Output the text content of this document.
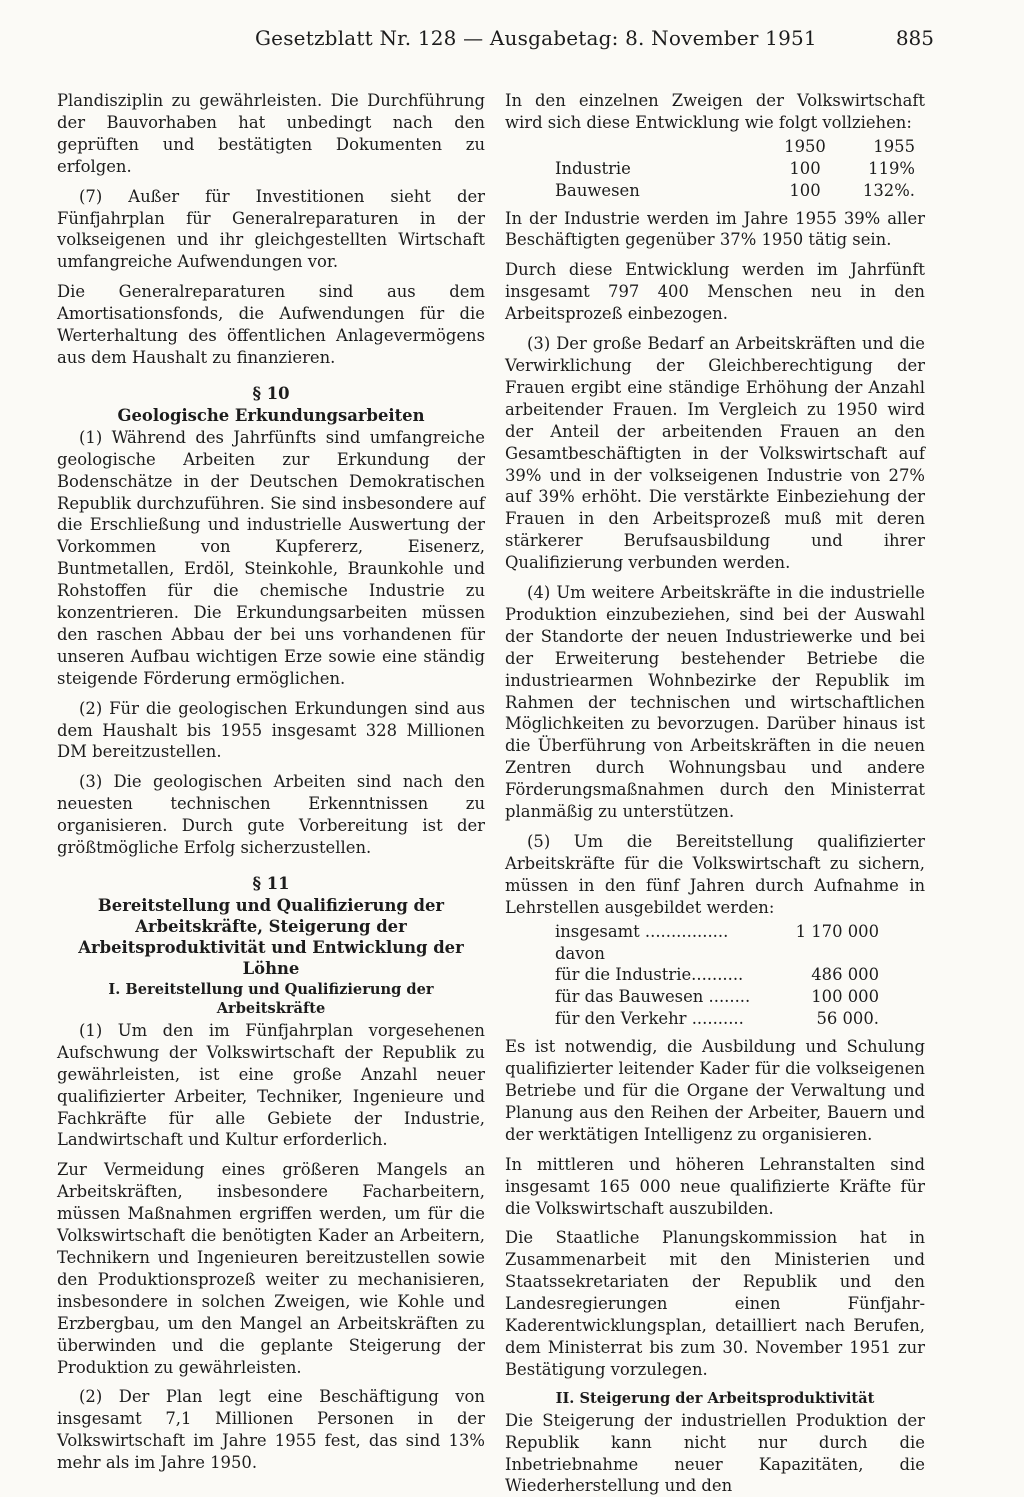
Gesetzblatt Nr. 128 — Ausgabetag: 8. November 1951	885

Plandisziplin zu gewährleisten. Die Durchführung der Bauvorhaben hat unbedingt nach den geprüften und bestätigten Dokumenten zu erfolgen.

(7) Außer für Investitionen sieht der Fünfjahrplan für Generalreparaturen in der volkseigenen und ihr gleichgestellten Wirtschaft umfangreiche Aufwendungen vor.

Die Generalreparaturen sind aus dem Amortisationsfonds, die Aufwendungen für die Werterhaltung des öffentlichen Anlagevermögens aus dem Haushalt zu finanzieren.

§ 10
Geologische Erkundungsarbeiten

(1) Während des Jahrfünfts sind umfangreiche geologische Arbeiten zur Erkundung der Bodenschätze in der Deutschen Demokratischen Republik durchzuführen. Sie sind insbesondere auf die Erschließung und industrielle Auswertung der Vorkommen von Kupfererz, Eisenerz, Buntmetallen, Erdöl, Steinkohle, Braunkohle und Rohstoffen für die chemische Industrie zu konzentrieren. Die Erkundungsarbeiten müssen den raschen Abbau der bei uns vorhandenen für unseren Aufbau wichtigen Erze sowie eine ständig steigende Förderung ermöglichen.

(2) Für die geologischen Erkundungen sind aus dem Haushalt bis 1955 insgesamt 328 Millionen DM bereitzustellen.

(3) Die geologischen Arbeiten sind nach den neuesten technischen Erkenntnissen zu organisieren. Durch gute Vorbereitung ist der größtmögliche Erfolg sicherzustellen.

§ 11
Bereitstellung und Qualifizierung der Arbeitskräfte, Steigerung der Arbeitsproduktivität und Entwicklung der Löhne
I. Bereitstellung und Qualifizierung der Arbeitskräfte

(1) Um den im Fünfjahrplan vorgesehenen Aufschwung der Volkswirtschaft der Republik zu gewährleisten, ist eine große Anzahl neuer qualifizierter Arbeiter, Techniker, Ingenieure und Fachkräfte für alle Gebiete der Industrie, Landwirtschaft und Kultur erforderlich.

Zur Vermeidung eines größeren Mangels an Arbeitskräften, insbesondere Facharbeitern, müssen Maßnahmen ergriffen werden, um für die Volkswirtschaft die benötigten Kader an Arbeitern, Technikern und Ingenieuren bereitzustellen sowie den Produktionsprozeß weiter zu mechanisieren, insbesondere in solchen Zweigen, wie Kohle und Erzbergbau, um den Mangel an Arbeitskräften zu überwinden und die geplante Steigerung der Produktion zu gewährleisten.

(2) Der Plan legt eine Beschäftigung von insgesamt 7,1 Millionen Personen in der Volkswirtschaft im Jahre 1955 fest, das sind 13% mehr als im Jahre 1950.

In den einzelnen Zweigen der Volkswirtschaft wird sich diese Entwicklung wie folgt vollziehen:

	1950	1955
Industrie	100	119%
Bauwesen	100	132%.

In der Industrie werden im Jahre 1955 39% aller Beschäftigten gegenüber 37% 1950 tätig sein.

Durch diese Entwicklung werden im Jahrfünft insgesamt 797 400 Menschen neu in den Arbeitsprozeß einbezogen.

(3) Der große Bedarf an Arbeitskräften und die Verwirklichung der Gleichberechtigung der Frauen ergibt eine ständige Erhöhung der Anzahl arbeitender Frauen. Im Vergleich zu 1950 wird der Anteil der arbeitenden Frauen an den Gesamtbeschäftigten in der Volkswirtschaft auf 39% und in der volkseigenen Industrie von 27% auf 39% erhöht. Die verstärkte Einbeziehung der Frauen in den Arbeitsprozeß muß mit deren stärkerer Berufsausbildung und ihrer Qualifizierung verbunden werden.

(4) Um weitere Arbeitskräfte in die industrielle Produktion einzubeziehen, sind bei der Auswahl der Standorte der neuen Industriewerke und bei der Erweiterung bestehender Betriebe die industriearmen Wohnbezirke der Republik im Rahmen der technischen und wirtschaftlichen Möglichkeiten zu bevorzugen. Darüber hinaus ist die Überführung von Arbeitskräften in die neuen Zentren durch Wohnungsbau und andere Förderungsmaßnahmen durch den Ministerrat planmäßig zu unterstützen.

(5) Um die Bereitstellung qualifizierter Arbeitskräfte für die Volkswirtschaft zu sichern, müssen in den fünf Jahren durch Aufnahme in Lehrstellen ausgebildet werden:

insgesamt ................	1 170 000
davon	
für die Industrie..........	486 000
für das Bauwesen ........	100 000
für den Verkehr ..........	56 000.

Es ist notwendig, die Ausbildung und Schulung qualifizierter leitender Kader für die volkseigenen Betriebe und für die Organe der Verwaltung und Planung aus den Reihen der Arbeiter, Bauern und der werktätigen Intelligenz zu organisieren.

In mittleren und höheren Lehranstalten sind insgesamt 165 000 neue qualifizierte Kräfte für die Volkswirtschaft auszubilden.

Die Staatliche Planungskommission hat in Zusammenarbeit mit den Ministerien und Staatssekretariaten der Republik und den Landesregierungen einen Fünfjahr-Kaderentwicklungsplan, detailliert nach Berufen, dem Ministerrat bis zum 30. November 1951 zur Bestätigung vorzulegen.

II. Steigerung der Arbeitsproduktivität

Die Steigerung der industriellen Produktion der Republik kann nicht nur durch die Inbetriebnahme neuer Kapazitäten, die Wiederherstellung und den
